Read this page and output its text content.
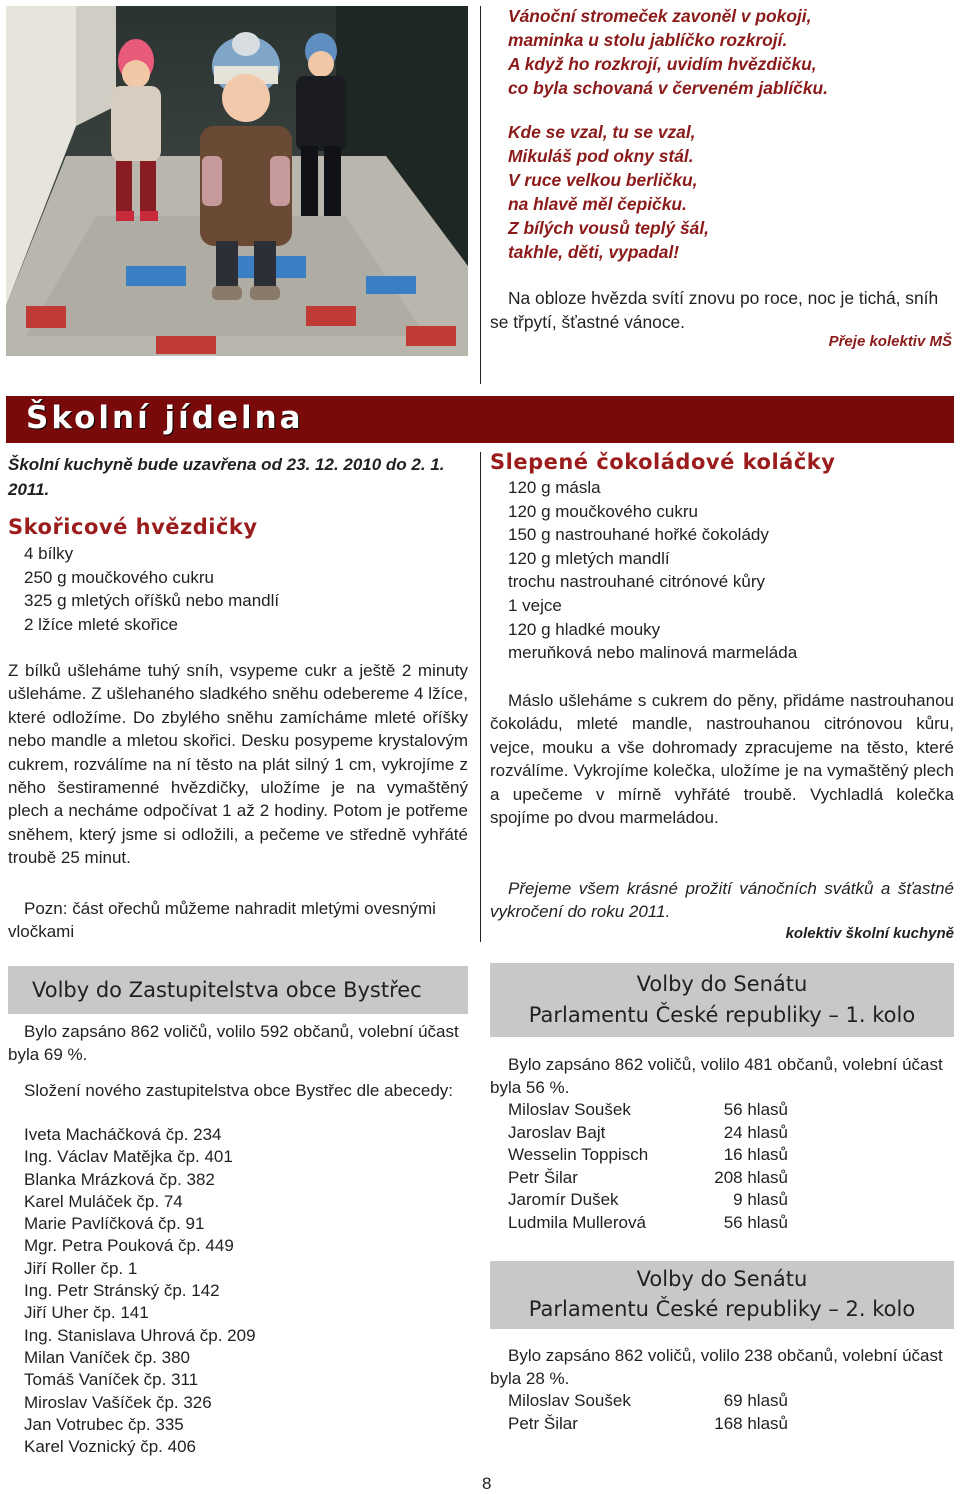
Vánoční stromeček zavoněl v pokoji,
maminka u stolu jablíčko rozkrojí.
A když ho rozkrojí, uvidím hvězdičku,
co byla schovaná v červeném jablíčku.
Kde se vzal, tu se vzal,
Mikuláš pod okny stál.
V ruce velkou berličku,
na hlavě měl čepičku.
Z bílých vousů teplý šál,
takhle, děti, vypadal!

Na obloze hvězda svítí znovu po roce, noc je tichá, sníh se třpytí, šťastné vánoce.

Přeje kolektiv MŠ
Školní jídelna
Školní kuchyně bude uzavřena od 23. 12. 2010 do 2. 1. 2011.
Skořicové hvězdičky
4 bílky
250 g moučkového cukru
325 g mletých oříšků nebo mandlí
2 lžíce mleté skořice
Z bílků ušleháme tuhý sníh, vsypeme cukr a ještě 2 minuty ušleháme. Z ušlehaného sladkého sněhu odebereme 4 lžíce, které odložíme. Do zbylého sněhu zamícháme mleté oříšky nebo mandle a mletou skořici. Desku posypeme krystalovým cukrem, rozválíme na ní těsto na plát silný 1 cm, vykrojíme z něho šestiramenné hvězdičky, uložíme je na vymaštěný plech a necháme odpočívat 1 až 2 hodiny. Potom je potřeme sněhem, který jsme si odložili, a pečeme ve středně vyhřáté troubě 25 minut.
Pozn: část ořechů můžeme nahradit mletými ovesnými vločkami
Slepené čokoládové koláčky
120 g másla
120 g moučkového cukru
150 g nastrouhané hořké čokolády
120 g mletých mandlí
trochu nastrouhané citrónové kůry
1 vejce
120 g hladké mouky
meruňková nebo malinová marmeláda
Máslo ušleháme s cukrem do pěny, přidáme nastrouhanou čokoládu, mleté mandle, nastrouhanou citrónovou kůru, vejce, mouku a vše dohromady zpracujeme na těsto, které rozválíme. Vykrojíme kolečka, uložíme je na vymaštěný plech a upečeme v mírně vyhřáté troubě. Vychladlá kolečka spojíme po dvou marmeládou.
Přejeme všem krásné prožití vánočních svátků a šťastné vykročení do roku 2011.
kolektiv školní kuchyně
Volby do Zastupitelstva obce Bystřec
Bylo zapsáno 862 voličů, volilo 592 občanů, volební účast byla 69 %.
Složení nového zastupitelstva obce Bystřec dle abecedy:
Iveta Macháčková čp. 234
Ing. Václav Matějka čp. 401
Blanka Mrázková čp. 382
Karel Muláček čp. 74
Marie Pavlíčková čp. 91
Mgr. Petra Pouková čp. 449
Jiří Roller čp. 1
Ing. Petr Stránský čp. 142
Jiří Uher čp. 141
Ing. Stanislava Uhrová čp. 209
Milan Vaníček čp. 380
Tomáš Vaníček čp. 311
Miroslav Vašíček čp. 326
Jan Votrubec čp. 335
Karel Voznický čp. 406
Volby do Senátu
Parlamentu České republiky – 1. kolo
Bylo zapsáno 862 voličů, volilo 481 občanů, volební účast byla 56 %.
Miloslav Soušek	56 hlasů
Jaroslav Bajt	24 hlasů
Wesselin Toppisch	16 hlasů
Petr Šilar	208 hlasů
Jaromír Dušek	9 hlasů
Ludmila Mullerová	56 hlasů
Volby do Senátu
Parlamentu České republiky – 2. kolo
Bylo zapsáno 862 voličů, volilo 238 občanů, volební účast byla 28 %.
Miloslav Soušek	69 hlasů
Petr Šilar	168 hlasů
8
